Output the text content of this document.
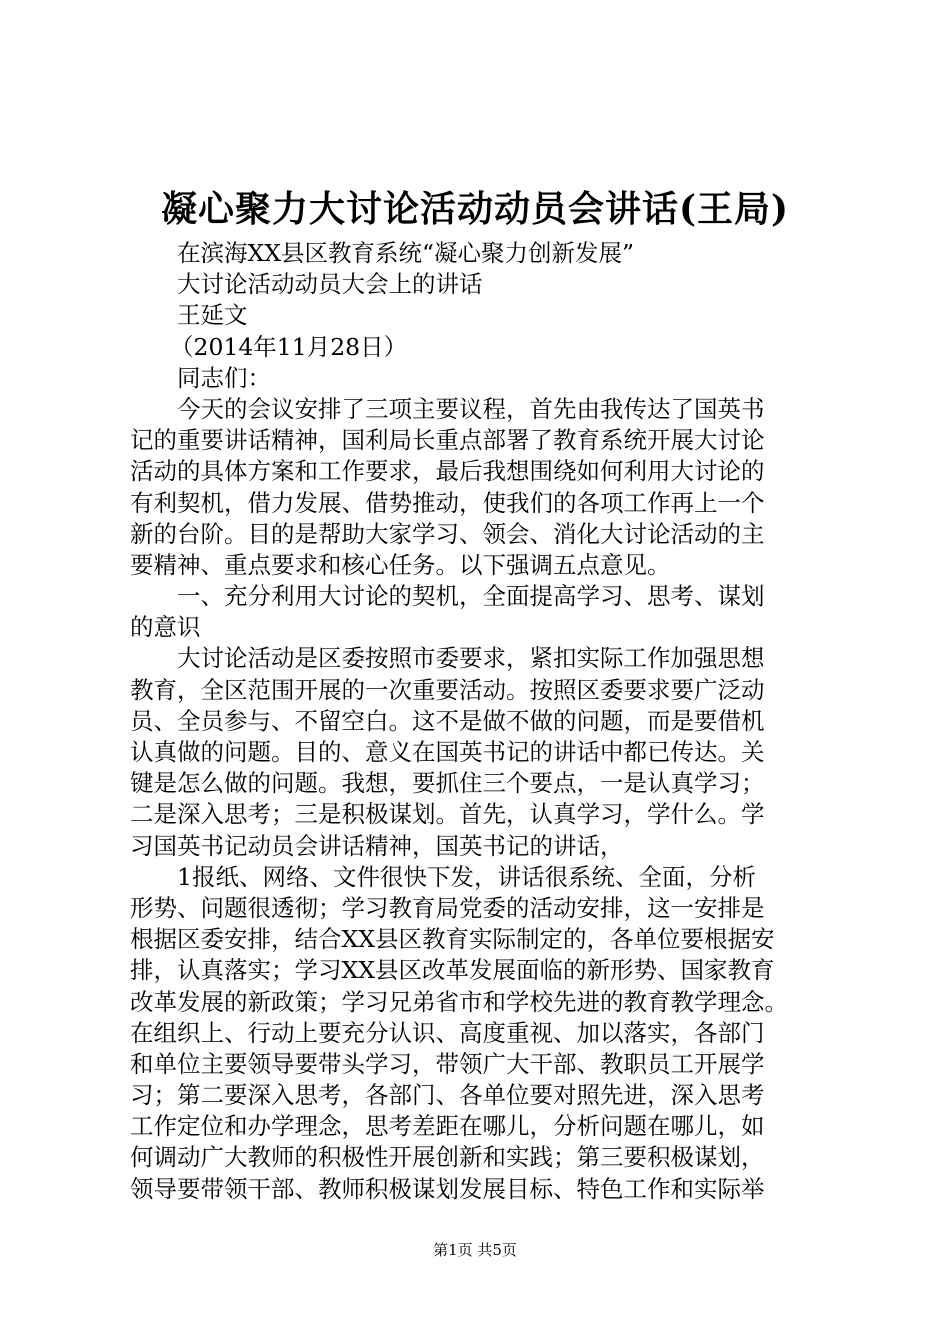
凝心聚力大讨论活动动员会讲话(王局)
在滨海XX县区教育系统“凝心聚力创新发展”
大讨论活动动员大会上的讲话
王延文
（2014年11月28日）
同志们：
今天的会议安排了三项主要议程，首先由我传达了国英书
记的重要讲话精神，国利局长重点部署了教育系统开展大讨论
活动的具体方案和工作要求，最后我想围绕如何利用大讨论的
有利契机，借力发展、借势推动，使我们的各项工作再上一个
新的台阶。目的是帮助大家学习、领会、消化大讨论活动的主
要精神、重点要求和核心任务。以下强调五点意见。
一、充分利用大讨论的契机，全面提高学习、思考、谋划
的意识
大讨论活动是区委按照市委要求，紧扣实际工作加强思想
教育，全区范围开展的一次重要活动。按照区委要求要广泛动
员、全员参与、不留空白。这不是做不做的问题，而是要借机
认真做的问题。目的、意义在国英书记的讲话中都已传达。关
键是怎么做的问题。我想，要抓住三个要点，一是认真学习；
二是深入思考；三是积极谋划。首先，认真学习，学什么。学
习国英书记动员会讲话精神，国英书记的讲话，
1报纸、网络、文件很快下发，讲话很系统、全面，分析
形势、问题很透彻；学习教育局党委的活动安排，这一安排是
根据区委安排，结合XX县区教育实际制定的，各单位要根据安
排，认真落实；学习XX县区改革发展面临的新形势、国家教育
改革发展的新政策；学习兄弟省市和学校先进的教育教学理念。
在组织上、行动上要充分认识、高度重视、加以落实，各部门
和单位主要领导要带头学习，带领广大干部、教职员工开展学
习；第二要深入思考，各部门、各单位要对照先进，深入思考
工作定位和办学理念，思考差距在哪儿，分析问题在哪儿，如
何调动广大教师的积极性开展创新和实践；第三要积极谋划，
领导要带领干部、教师积极谋划发展目标、特色工作和实际举
第1页 共5页
